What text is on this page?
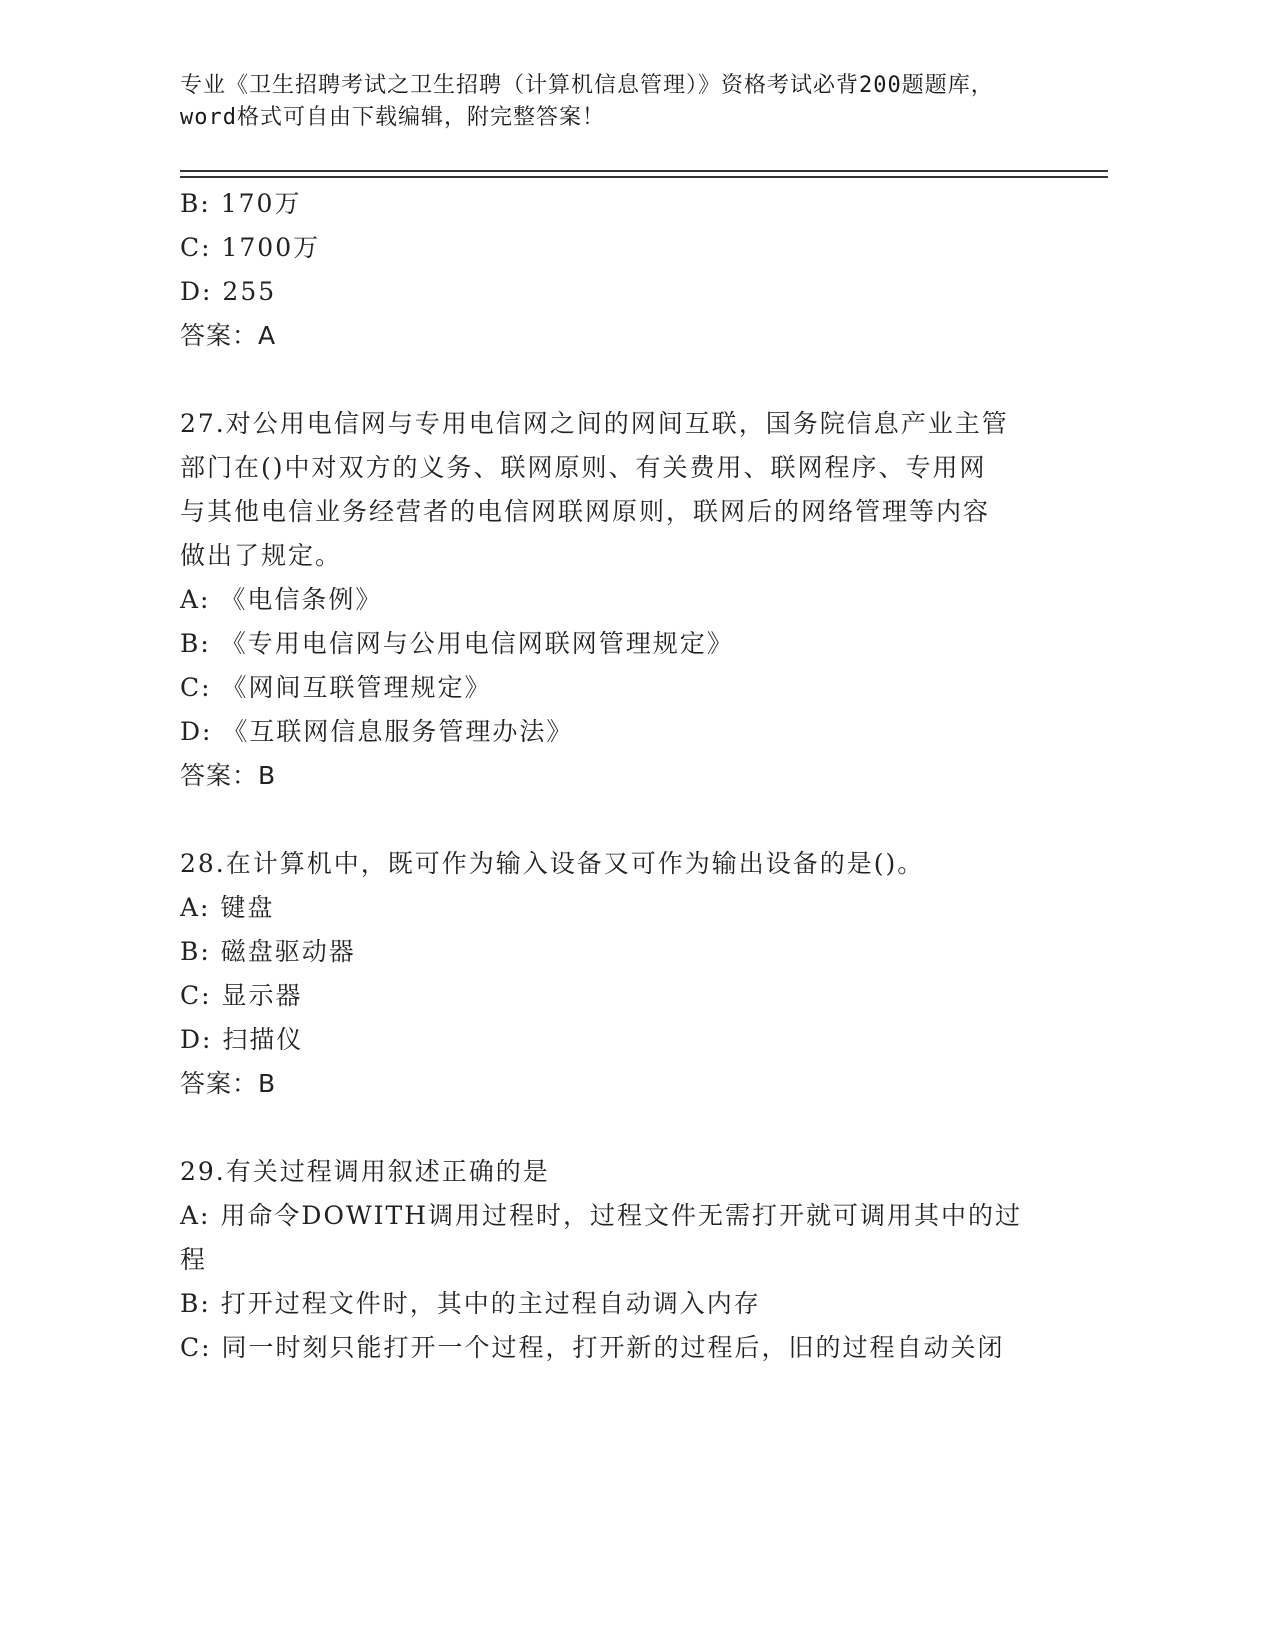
专业《卫生招聘考试之卫生招聘（计算机信息管理）》资格考试必背200题题库，
word格式可自由下载编辑，附完整答案！
B: 170万
C: 1700万
D: 255
答案：A
27.对公用电信网与专用电信网之间的网间互联，国务院信息产业主管
部门在()中对双方的义务、联网原则、有关费用、联网程序、专用网
与其他电信业务经营者的电信网联网原则，联网后的网络管理等内容
做出了规定。
A: 《电信条例》
B: 《专用电信网与公用电信网联网管理规定》
C: 《网间互联管理规定》
D: 《互联网信息服务管理办法》
答案：B
28.在计算机中，既可作为输入设备又可作为输出设备的是()。
A: 键盘
B: 磁盘驱动器
C: 显示器
D: 扫描仪
答案：B
29.有关过程调用叙述正确的是
A: 用命令DOWITH调用过程时，过程文件无需打开就可调用其中的过
程
B: 打开过程文件时，其中的主过程自动调入内存
C: 同一时刻只能打开一个过程，打开新的过程后，旧的过程自动关闭
